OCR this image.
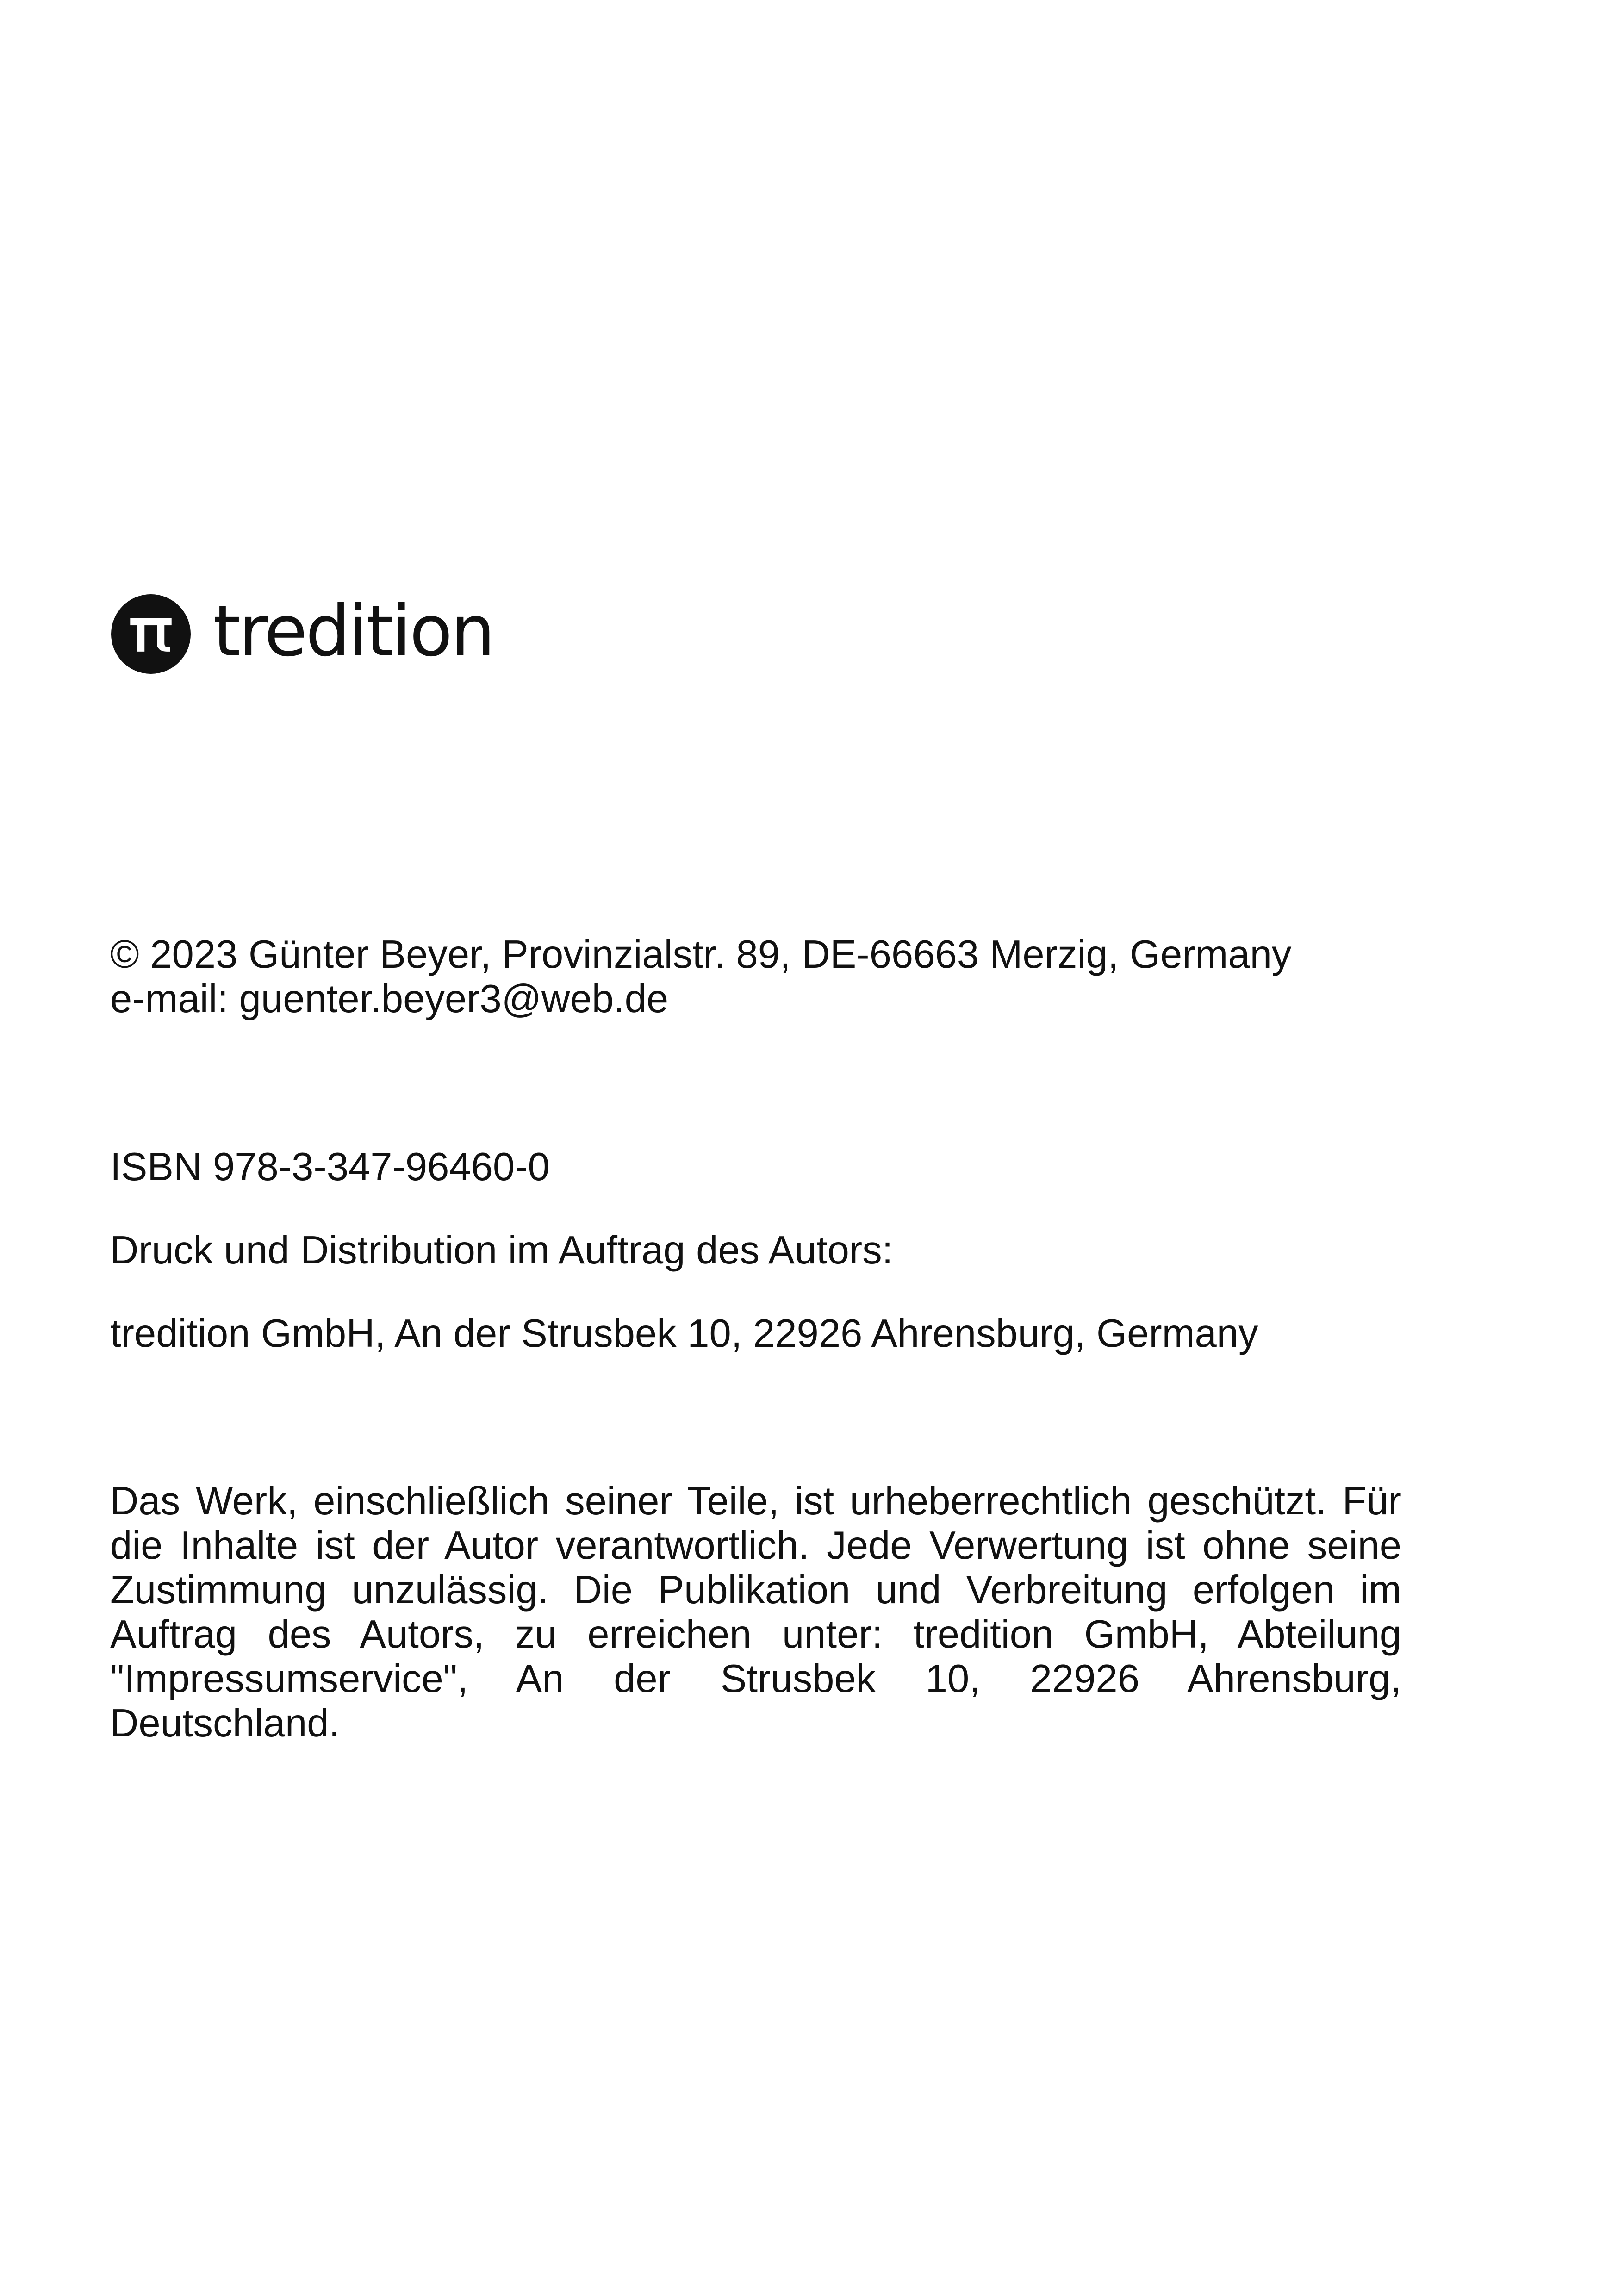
tredition

© 2023 Günter Beyer, Provinzialstr. 89, DE-66663 Merzig, Germany

e-mail: guenter.beyer3@web.de

ISBN 978-3-347-96460-0

Druck und Distribution im Auftrag des Autors:

tredition GmbH, An der Strusbek 10, 22926 Ahrensburg, Germany

Das Werk, einschließlich seiner Teile, ist urheberrechtlich geschützt. Für die Inhalte ist der Autor verantwortlich. Jede Verwertung ist ohne seine Zustimmung unzulässig. Die Publikation und Verbreitung erfolgen im Auftrag des Autors, zu erreichen unter: tredition GmbH, Abteilung "Impressumservice", An der Strusbek 10, 22926 Ahrensburg, Deutschland.
